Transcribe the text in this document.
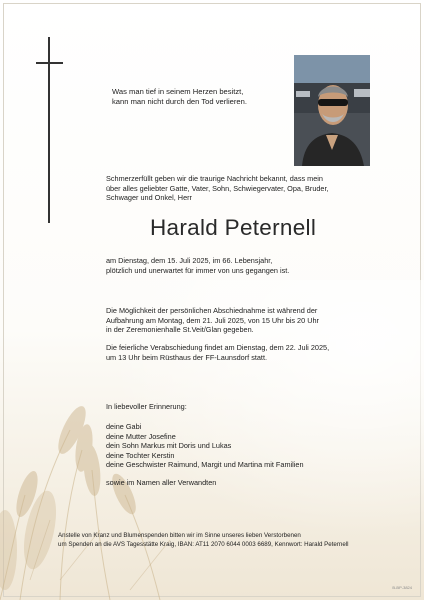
Was man tief in seinem Herzen besitzt,
kann man nicht durch den Tod verlieren.
Schmerzerfüllt geben wir die traurige Nachricht bekannt, dass mein
über alles geliebter Gatte, Vater, Sohn, Schwiegervater, Opa, Bruder,
Schwager und Onkel, Herr
Harald Peternell
am Dienstag, dem 15. Juli 2025, im 66. Lebensjahr,
plötzlich und unerwartet für immer von uns gegangen ist.
Die Möglichkeit der persönlichen Abschiednahme ist während der
Aufbahrung am Montag, dem 21. Juli 2025, von 15 Uhr bis 20 Uhr
in der Zeremonienhalle St.Veit/Glan gegeben.
Die feierliche Verabschiedung findet am Dienstag, dem 22. Juli 2025,
um 13 Uhr beim Rüsthaus der FF-Launsdorf statt.
In liebevoller Erinnerung:
deine Gabi
deine Mutter Josefine
dein Sohn Markus mit Doris und Lukas
deine Tochter Kerstin
deine Geschwister Raimund, Margit und Martina mit Familien
sowie im Namen aller Verwandten
Anstelle von Kranz und Blumenspenden bitten wir im Sinne unseres lieben Verstorbenen
um Spenden an die AVS Tagesstätte Kraig, IBAN: AT11 2070 6044 0003 6689, Kennwort: Harald Peternell
B-BP-3824
